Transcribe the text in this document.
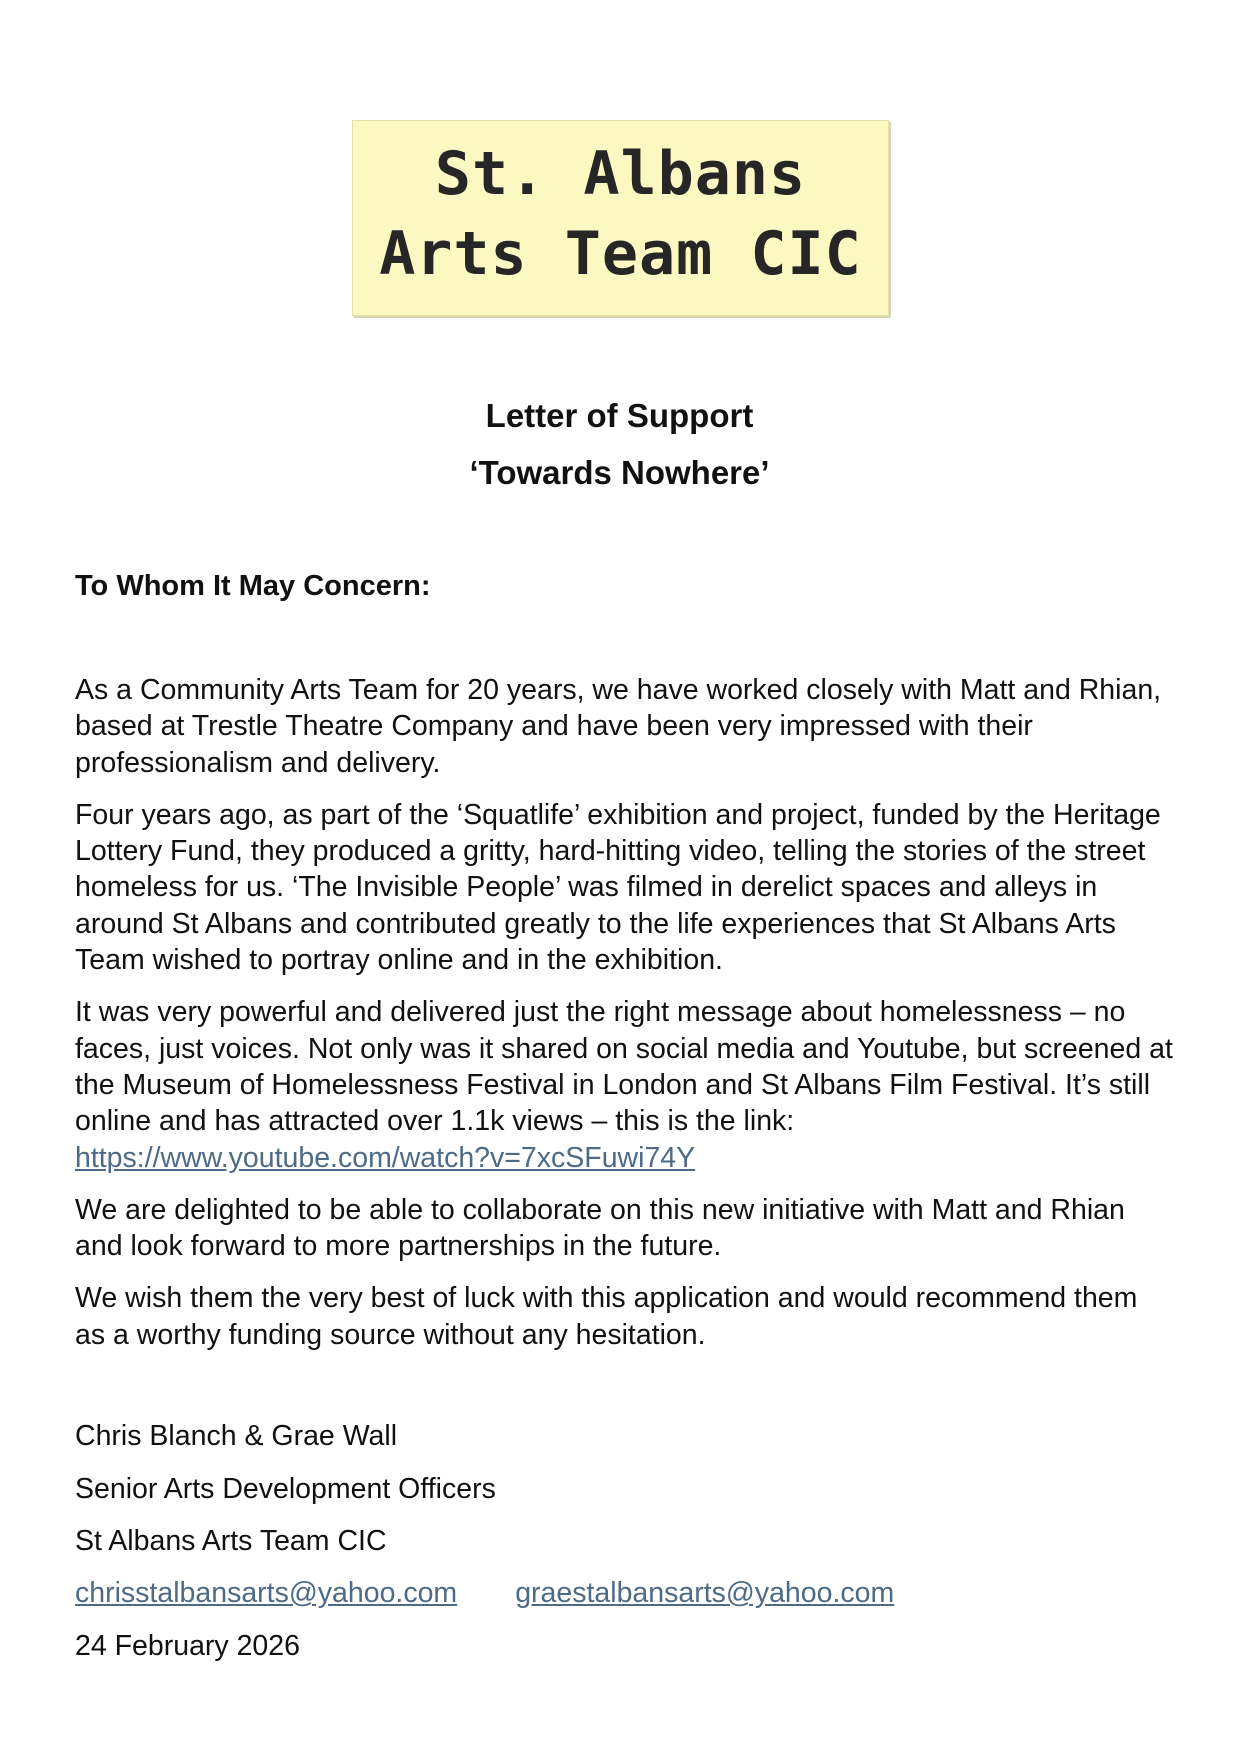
St. Albans
Arts Team CIC
Letter of Support
‘Towards Nowhere’
To Whom It May Concern:

As a Community Arts Team for 20 years, we have worked closely with Matt and Rhian, based at Trestle Theatre Company and have been very impressed with their professionalism and delivery.

Four years ago, as part of the ‘Squatlife’ exhibition and project, funded by the Heritage Lottery Fund, they produced a gritty, hard-hitting video, telling the stories of the street homeless for us. ‘The Invisible People’ was filmed in derelict spaces and alleys in around St Albans and contributed greatly to the life experiences that St Albans Arts Team wished to portray online and in the exhibition.

It was very powerful and delivered just the right message about homelessness – no faces, just voices. Not only was it shared on social media and Youtube, but screened at the Museum of Homelessness Festival in London and St Albans Film Festival. It’s still online and has attracted over 1.1k views – this is the link: https://www.youtube.com/watch?v=7xcSFuwi74Y

We are delighted to be able to collaborate on this new initiative with Matt and Rhian and look forward to more partnerships in the future.

We wish them the very best of luck with this application and would recommend them as a worthy funding source without any hesitation.

Chris Blanch & Grae Wall
Senior Arts Development Officers
St Albans Arts Team CIC
chrisstalbansarts@yahoo.com graestalbansarts@yahoo.com
24 February 2026
